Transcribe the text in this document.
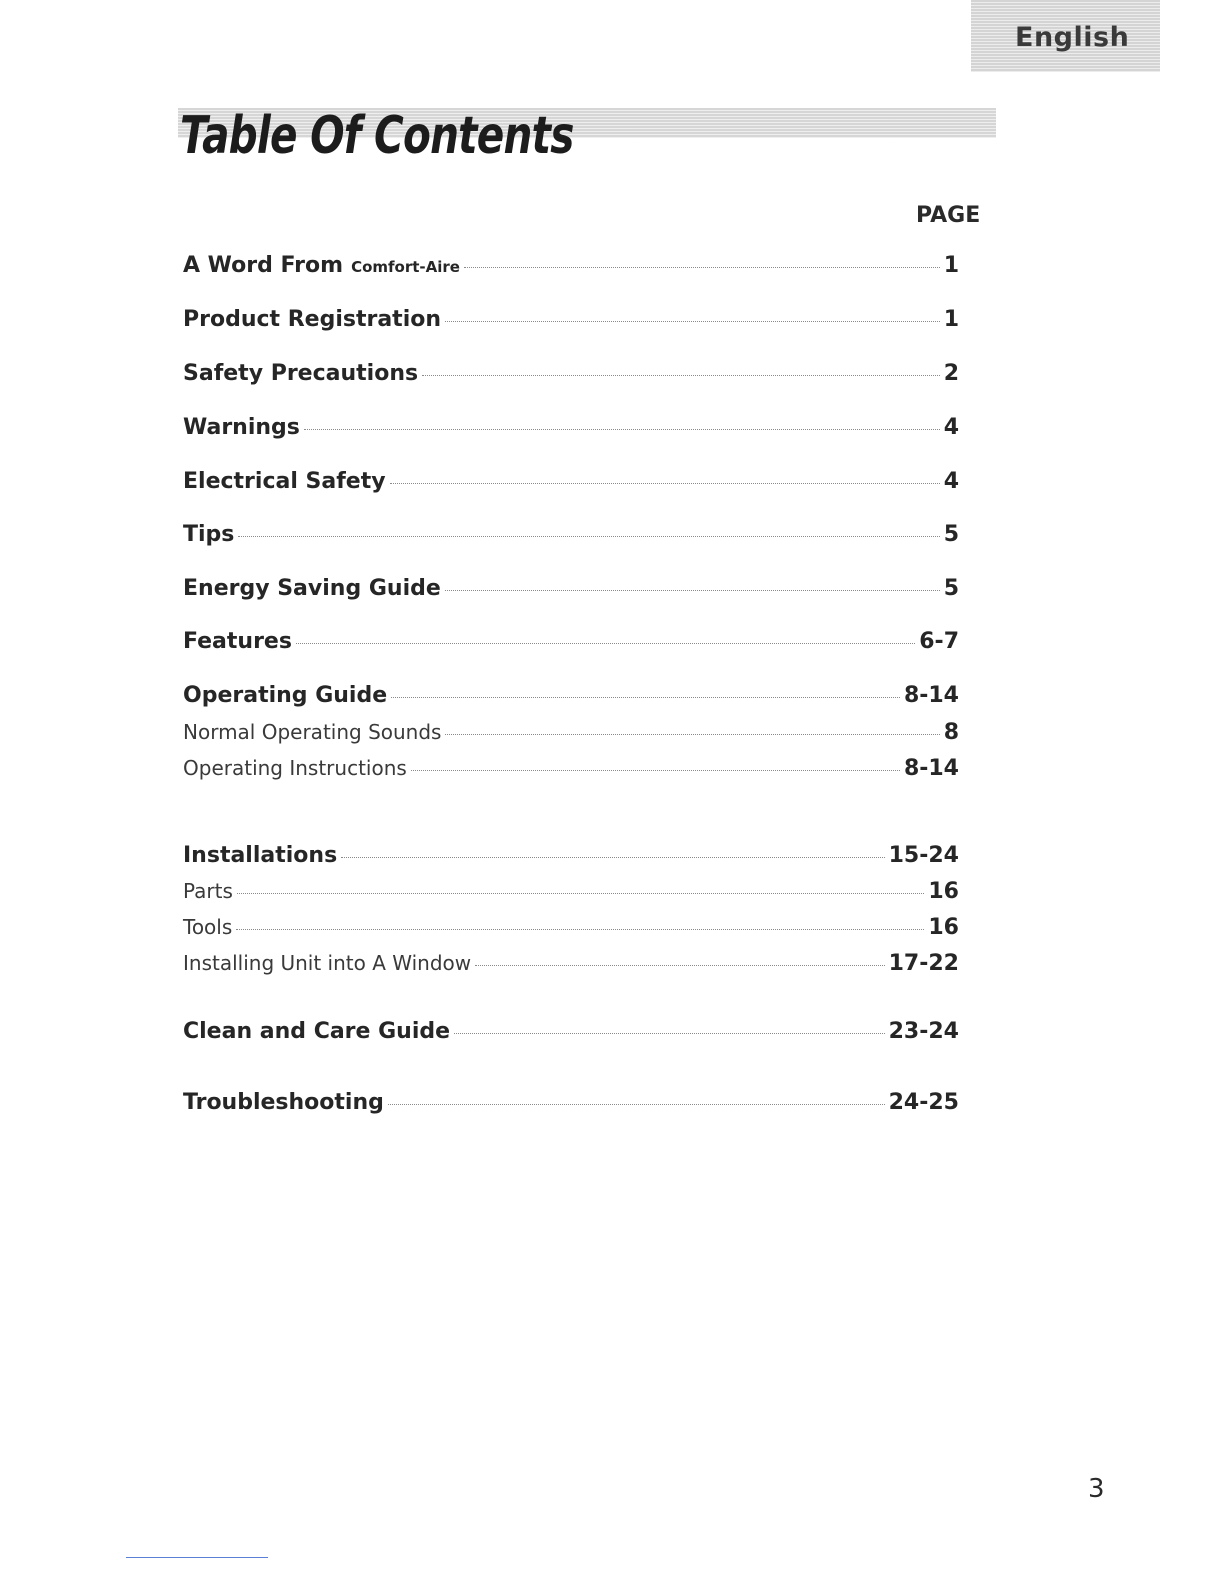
English
Table Of Contents
PAGE
A Word From Comfort-Aire	1
Product Registration	1
Safety Precautions	2
Warnings	4
Electrical Safety	4
Tips	5
Energy Saving Guide	5
Features	6-7
Operating Guide	8-14
Normal Operating Sounds	8
Operating Instructions	8-14
Installations	15-24
Parts	16
Tools	16
Installing Unit into A Window	17-22
Clean and Care Guide	23-24
Troubleshooting	24-25
3
